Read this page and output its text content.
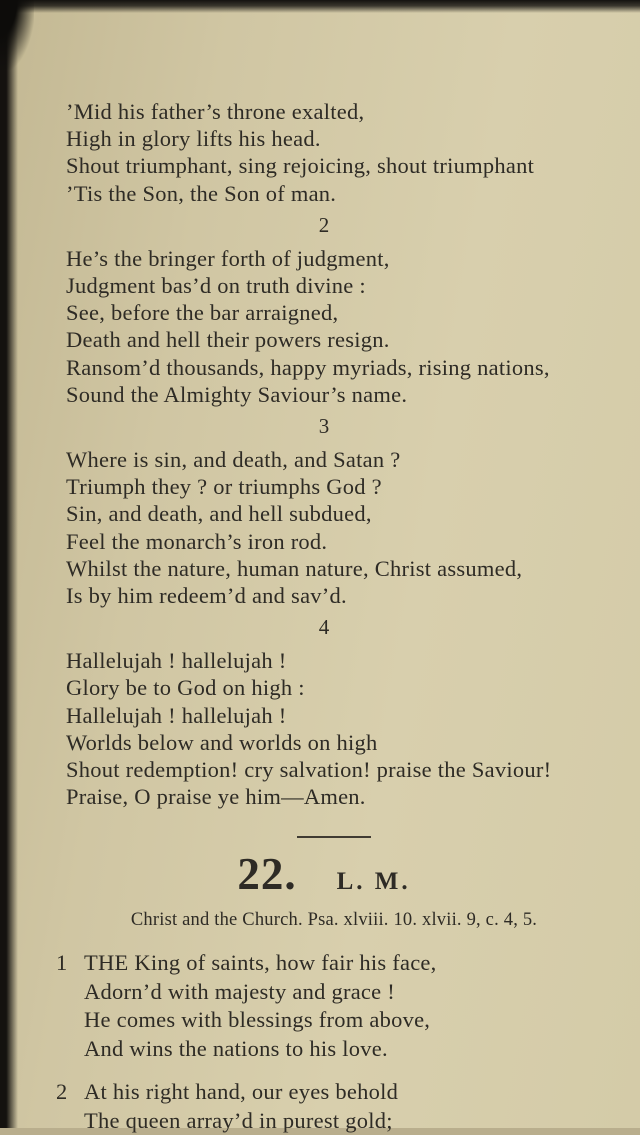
’Mid his father’s throne exalted,

High in glory lifts his head.

Shout triumphant, sing rejoicing, shout triumphant

’Tis the Son, the Son of man.

2

He’s the bringer forth of judgment,

Judgment bas’d on truth divine :

See, before the bar arraigned,

Death and hell their powers resign.

Ransom’d thousands, happy myriads, rising nations,

Sound the Almighty Saviour’s name.

3

Where is sin, and death, and Satan ?

Triumph they ? or triumphs God ?

Sin, and death, and hell subdued,

Feel the monarch’s iron rod.

Whilst the nature, human nature, Christ assumed,

Is by him redeem’d and sav’d.

4

Hallelujah ! hallelujah !

Glory be to God on high :

Hallelujah ! hallelujah !

Worlds below and worlds on high

Shout redemption! cry salvation! praise the Saviour!

Praise, O praise ye him—Amen.

22. L. M.
Christ and the Church. Psa. xlviii. 10. xlvii. 9, c. 4, 5.
1 THE King of saints, how fair his face,

Adorn’d with majesty and grace !

He comes with blessings from above,

And wins the nations to his love.

2 At his right hand, our eyes behold

The queen array’d in purest gold;
